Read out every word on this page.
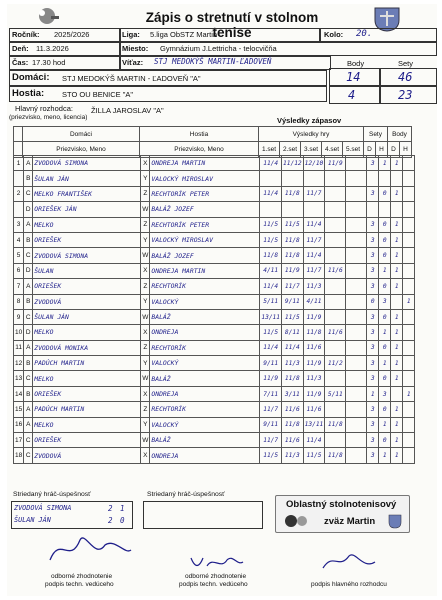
Zápis o stretnutí v stolnom tenise
Ročník: 2025/2026	Liga: 5.liga ObSTZ Martin	Kolo: 20.
Deň: 11.3.2026	Miesto: Gymnázium J.Lettricha - telocvičňa
Čas: 17.30 hod	Víťaz: STJ MEDOKÝŠ MARTIN-ĽADOVEŇ	Body	Sety
Domáci: STJ MEDOKÝŠ MARTIN - ĽADOVEŇ "A"	14	46
Hostia: STO OU BENICE "A"	4	23
Hlavný rozhodca:
(priezvisko, meno, licencia)
ŽILLA JAROSLAV "A"
Výsledky zápasov
	Domáci	Hostia	Výsledky hry					Sety		Body	
	Priezvisko, Meno	Priezvisko, Meno	1.set	2.set	3.set	4.set	5.set	D	H	D	H
1	A	ZVODOVÁ SIMONA	X	ONDREJA MARTIN	11/4	11/12	12/10	11/9		3	1	1	
	B	ŠULAN JÁN	Y	VALOCKÝ MIROSLAV									
2	C	MELKO FRANTIŠEK	Z	RECHTORÍK PETER	11/4	11/8	11/7			3	0	1	
	D	ORIEŠEK JÁN	W	BALÁŽ JOZEF									
3	A	MELKO	Z	RECHTORÍK PETER	11/5	11/5	11/4			3	0	1	
4	B	ORIEŠEK	Y	VALOCKÝ MIROSLAV	11/5	11/8	11/7			3	0	1	
5	C	ZVODOVÁ SIMONA	W	BALÁŽ JOZEF	11/8	11/8	11/4			3	0	1	
6	D	ŠULAN	X	ONDREJA MARTIN	4/11	11/9	11/7	11/6		3	1	1	
7	A	ORIEŠEK	Z	RECHTORÍK	11/4	11/7	11/3			3	0	1	
8	B	ZVODOVÁ	Y	VALOCKÝ	5/11	9/11	4/11			0	3		1
9	C	ŠULAN JÁN	W	BALÁŽ	13/11	11/5	11/9			3	0	1	
10	D	MELKO	X	ONDREJA	11/5	8/11	11/8	11/6		3	1	1	
11	A	ZVODOVÁ MONIKA	Z	RECHTORÍK	11/4	11/4	11/6			3	0	1	
12	B	PADÚCH MARTIN	Y	VALOCKÝ	9/11	11/3	11/9	11/2		3	1	1	
13	C	MELKO	W	BALÁŽ	11/9	11/8	11/3			3	0	1	
14	B	ORIEŠEK	X	ONDREJA	7/11	3/11	11/9	5/11		1	3		1
15	A	PADÚCH MARTIN	Z	RECHTORÍK	11/7	11/6	11/6			3	0	1	
16	A	MELKO	Y	VALOCKÝ	9/11	11/8	13/11	11/8		3	1	1	
17	C	ORIEŠEK	W	BALÁŽ	11/7	11/6	11/4			3	0	1	
18	C	ZVODOVÁ	X	ONDREJA	11/5	11/3	11/5	11/8		3	1	1	
Striedaný hráč-úspešnosť	Striedaný hráč-úspešnosť
ZVODOVÁ SIMONA	2 1
ŠULAN JÁN	2 0
Oblastný stolnotenisový
zväz Martin
odborné zhodnotenie
podpis techn. vedúceho
odborné zhodnotenie
podpis techn. vedúceho	podpis hlavného rozhodcu
